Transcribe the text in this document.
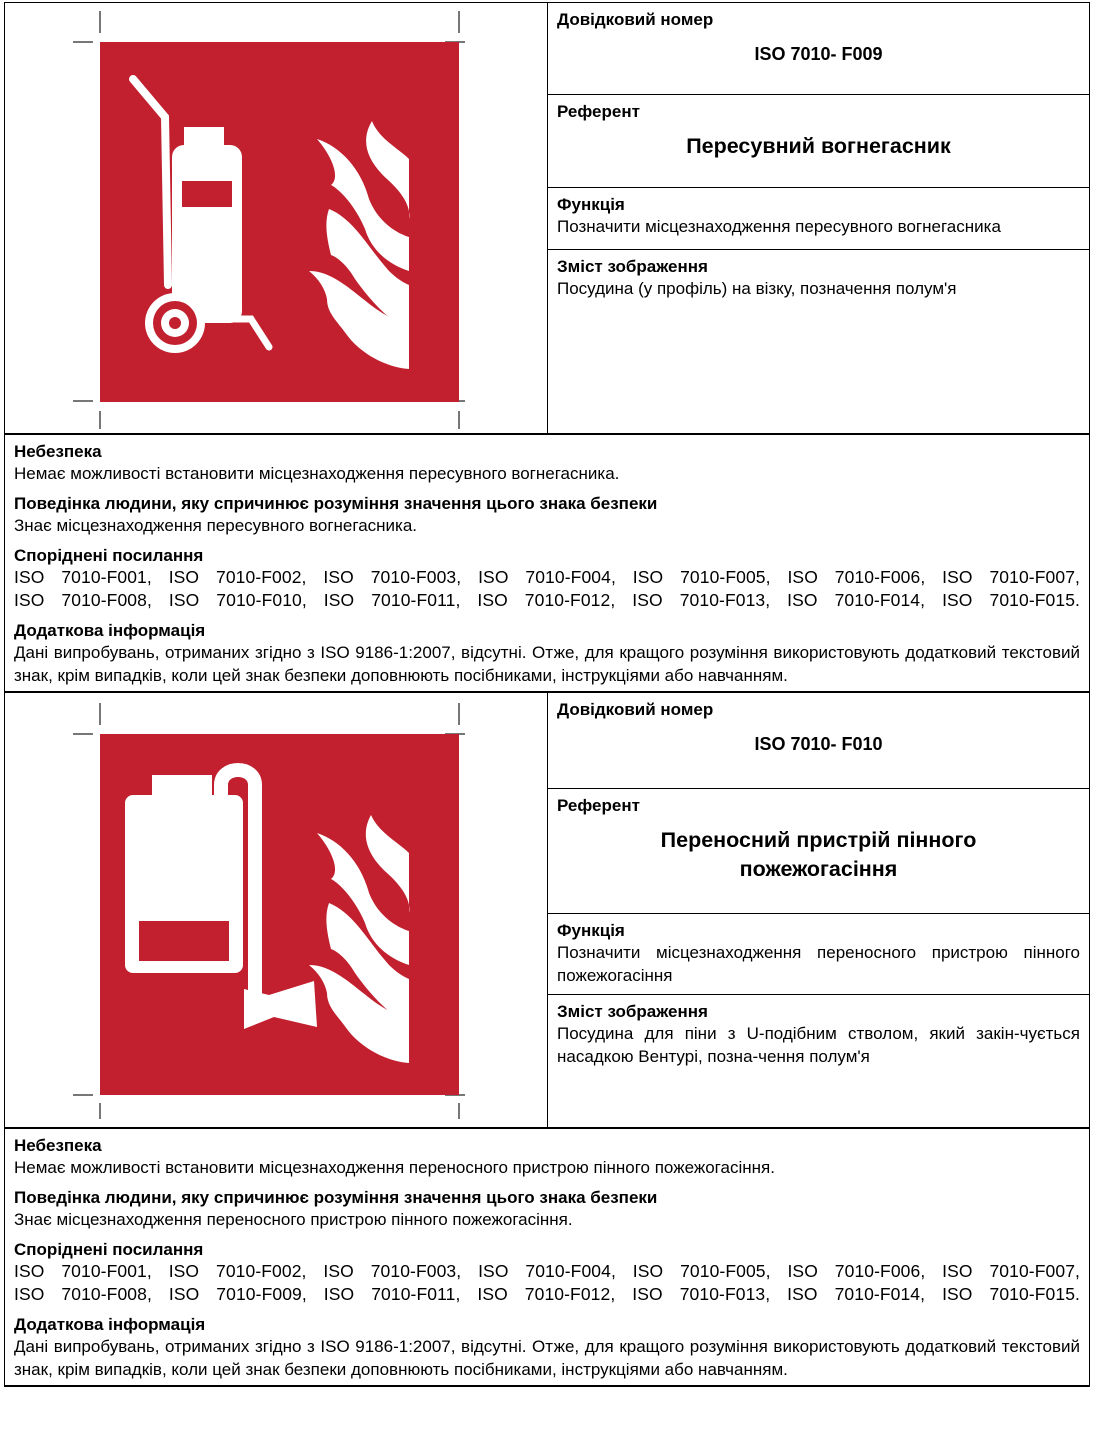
Довідковий номер
ISO 7010- F009
Референт
Пересувний вогнегасник
Функція
Позначити місцезнаходження пересувного вогнегасника
Зміст зображення
Посудина (у профіль) на візку, позначення полум'я
Небезпека
Немає можливості встановити місцезнаходження пересувного вогнегасника.
Поведінка людини, яку спричинює розуміння значення цього знака безпеки
Знає місцезнаходження пересувного вогнегасника.
Споріднені посилання
ISO 7010-F001, ISO 7010-F002, ISO 7010-F003, ISO 7010-F004, ISO 7010-F005, ISO 7010-F006, ISO 7010-F007,
ISO 7010-F008, ISO 7010-F010, ISO 7010-F011, ISO 7010-F012, ISO 7010-F013, ISO 7010-F014, ISO 7010-F015.
Додаткова інформація
Дані випробувань, отриманих згідно з ISO 9186-1:2007, відсутні. Отже, для кращого розуміння використовують додатковий текстовий знак, крім випадків, коли цей знак безпеки доповнюють посібниками, інструкціями або навчанням.
Довідковий номер
ISO 7010- F010
Референт
Переносний пристрій пінного пожежогасіння
Функція
Позначити місцезнаходження переносного пристрою пінного пожежогасіння
Зміст зображення
Посудина для піни з U-подібним стволом, який закін-чується насадкою Вентурі, позна-чення полум'я
Небезпека
Немає можливості встановити місцезнаходження переносного пристрою пінного пожежогасіння.
Поведінка людини, яку спричинює розуміння значення цього знака безпеки
Знає місцезнаходження переносного пристрою пінного пожежогасіння.
Споріднені посилання
ISO 7010-F001, ISO 7010-F002, ISO 7010-F003, ISO 7010-F004, ISO 7010-F005, ISO 7010-F006, ISO 7010-F007,
ISO 7010-F008, ISO 7010-F009, ISO 7010-F011, ISO 7010-F012, ISO 7010-F013, ISO 7010-F014, ISO 7010-F015.
Додаткова інформація
Дані випробувань, отриманих згідно з ISO 9186-1:2007, відсутні. Отже, для кращого розуміння використовують додатковий текстовий знак, крім випадків, коли цей знак безпеки доповнюють посібниками, інструкціями або навчанням.
